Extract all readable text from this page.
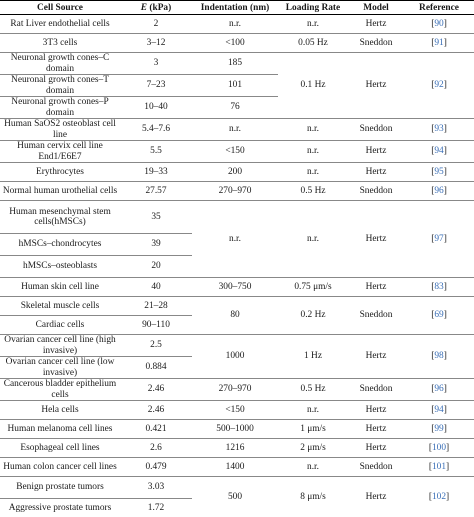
Cell Source	E (kPa)	Indentation (nm)	Loading Rate	Model	Reference
Rat Liver endothelial cells	2	n.r.	n.r.	Hertz	[90]
3T3 cells	3–12	<100	0.05 Hz	Sneddon	[91]
Neuronal growth cones–C domain	3	185	0.1 Hz	Hertz	[92]
Neuronal growth cones–T domain	7–23	101			
Neuronal growth cones–P domain	10–40	76			
Human SaOS2 osteoblast cell line	5.4–7.6	n.r.	n.r.	Sneddon	[93]
Human cervix cell line End1/E6E7	5.5	<150	n.r.	Hertz	[94]
Erythrocytes	19–33	200	n.r.	Hertz	[95]
Normal human urothelial cells	27.57	270–970	0.5 Hz	Sneddon	[96]
Human mesenchymal stem cells(hMSCs)	35	n.r.	n.r.	Hertz	[97]
hMSCs–chondrocytes	39				
hMSCs–osteoblasts	20				
Human skin cell line	40	300–750	0.75 μm/s	Hertz	[83]
Skeletal muscle cells	21–28	80	0.2 Hz	Sneddon	[69]
Cardiac cells	90–110				
Ovarian cancer cell line (high invasive)	2.5	1000	1 Hz	Hertz	[98]
Ovarian cancer cell line (low invasive)	0.884				
Cancerous bladder epithelium cells	2.46	270–970	0.5 Hz	Sneddon	[96]
Hela cells	2.46	<150	n.r.	Hertz	[94]
Human melanoma cell lines	0.421	500–1000	1 μm/s	Hertz	[99]
Esophageal cell lines	2.6	1216	2 μm/s	Hertz	[100]
Human colon cancer cell lines	0.479	1400	n.r.	Sneddon	[101]
Benign prostate tumors	3.03	500	8 μm/s	Hertz	[102]
Aggressive prostate tumors	1.72				
